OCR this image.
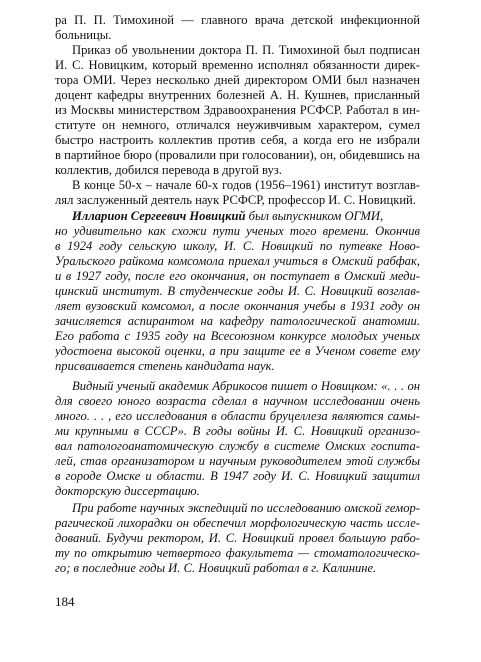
ра П. П. Тимохиной — главного врача детской инфекционной
больницы.
Приказ об увольнении доктора П. П. Тимохиной был подписан
И. С. Новицким, который временно исполнял обязанности дирек-
тора ОМИ. Через несколько дней директором ОМИ был назначен
доцент кафедры внутренних болезней А. Н. Кушнев, присланный
из Москвы министерством Здравоохранения РСФСР. Работал в ин-
ституте он немного, отличался неуживчивым характером, сумел
быстро настроить коллектив против себя, а когда его не избрали
в партийное бюро (провалили при голосовании), он, обидевшись на
коллектив, добился перевода в другой вуз.
В конце 50-х – начале 60-х годов (1956–1961) институт возглав-
лял заслуженный деятель наук РСФСР, профессор И. С. Новицкий.
Илларион Сергеевич Новицкий был выпускником ОГМИ,
но удивительно как схожи пути ученых того времени. Окончив
в 1924 году сельскую школу, И. С. Новицкий по путевке Ново-
Уральского райкома комсомола приехал учиться в Омский рабфак,
и в 1927 году, после его окончания, он поступает в Омский меди-
цинский институт. В студенческие годы И. С. Новицкий возглав-
ляет вузовский комсомол, а после окончания учебы в 1931 году он
зачисляется аспирантом на кафедру патологической анатомии.
Его работа с 1935 году на Всесоюзном конкурсе молодых ученых
удостоена высокой оценки, а при защите ее в Ученом совете ему
присваивается степень кандидата наук.
Видный ученый академик Абрикосов пишет о Новицком: «. . . он
для своего юного возраста сделал в научном исследовании очень
много. . . , его исследования в области бруцеллеза являются самы-
ми крупными в СССР». В годы войны И. С. Новицкий организо-
вал патологоанатомическую службу в системе Омских госпита-
лей, став организатором и научным руководителем этой службы
в городе Омске и области. В 1947 году И. С. Новицкий защитил
докторскую диссертацию.
При работе научных экспедиций по исследованию омской гемор-
рагической лихорадки он обеспечил морфологическую часть иссле-
дований. Будучи ректором, И. С. Новицкий провел большую рабо-
ту по открытию четвертого факультета — стоматологическо-
го; в последние годы И. С. Новицкий работал в г. Калинине.
184
